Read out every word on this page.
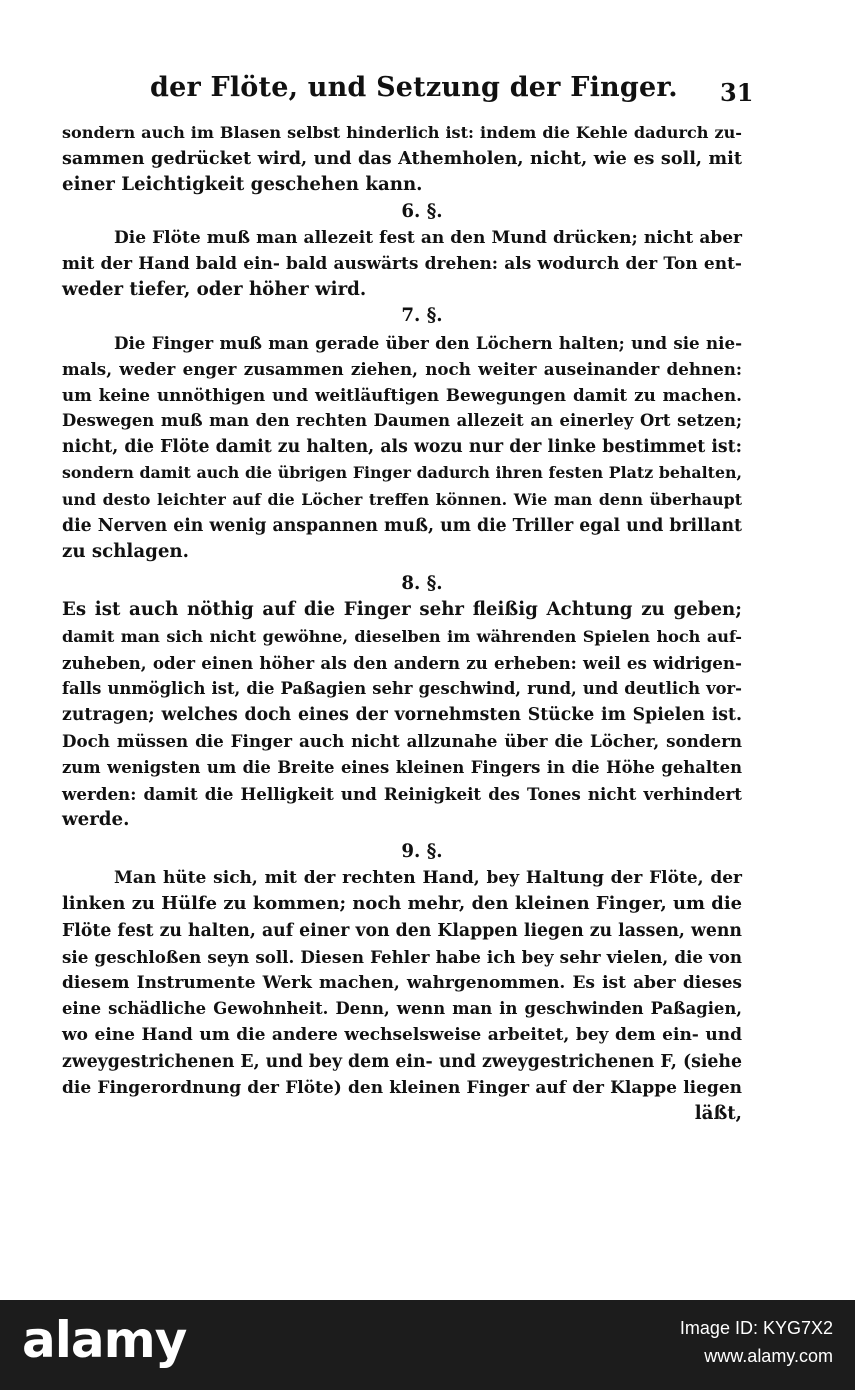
der Flöte, und Setzung der Finger. 31
sondern auch im Blasen selbst hinderlich ist: indem die Kehle dadurch zu-
sammen gedrücket wird, und das Athemholen, nicht, wie es soll, mit
einer Leichtigkeit geschehen kann.
6. §.
Die Flöte muß man allezeit fest an den Mund drücken; nicht aber
mit der Hand bald ein- bald auswärts drehen: als wodurch der Ton ent-
weder tiefer, oder höher wird.
7. §.
Die Finger muß man gerade über den Löchern halten; und sie nie-
mals, weder enger zusammen ziehen, noch weiter auseinander dehnen:
um keine unnöthigen und weitläuftigen Bewegungen damit zu machen.
Deswegen muß man den rechten Daumen allezeit an einerley Ort setzen;
nicht, die Flöte damit zu halten, als wozu nur der linke bestimmet ist:
sondern damit auch die übrigen Finger dadurch ihren festen Platz behalten,
und desto leichter auf die Löcher treffen können. Wie man denn überhaupt
die Nerven ein wenig anspannen muß, um die Triller egal und brillant
zu schlagen.
8. §.
Es ist auch nöthig auf die Finger sehr fleißig Achtung zu geben;
damit man sich nicht gewöhne, dieselben im währenden Spielen hoch auf-
zuheben, oder einen höher als den andern zu erheben: weil es widrigen-
falls unmöglich ist, die Paßagien sehr geschwind, rund, und deutlich vor-
zutragen; welches doch eines der vornehmsten Stücke im Spielen ist.
Doch müssen die Finger auch nicht allzunahe über die Löcher, sondern
zum wenigsten um die Breite eines kleinen Fingers in die Höhe gehalten
werden: damit die Helligkeit und Reinigkeit des Tones nicht verhindert
werde.
9. §.
Man hüte sich, mit der rechten Hand, bey Haltung der Flöte, der
linken zu Hülfe zu kommen; noch mehr, den kleinen Finger, um die
Flöte fest zu halten, auf einer von den Klappen liegen zu lassen, wenn
sie geschloßen seyn soll. Diesen Fehler habe ich bey sehr vielen, die von
diesem Instrumente Werk machen, wahrgenommen. Es ist aber dieses
eine schädliche Gewohnheit. Denn, wenn man in geschwinden Paßagien,
wo eine Hand um die andere wechselsweise arbeitet, bey dem ein- und
zweygestrichenen E, und bey dem ein- und zweygestrichenen F, (siehe
die Fingerordnung der Flöte) den kleinen Finger auf der Klappe liegen
läßt,
alamy	Image ID: KYG7X2
www.alamy.com
